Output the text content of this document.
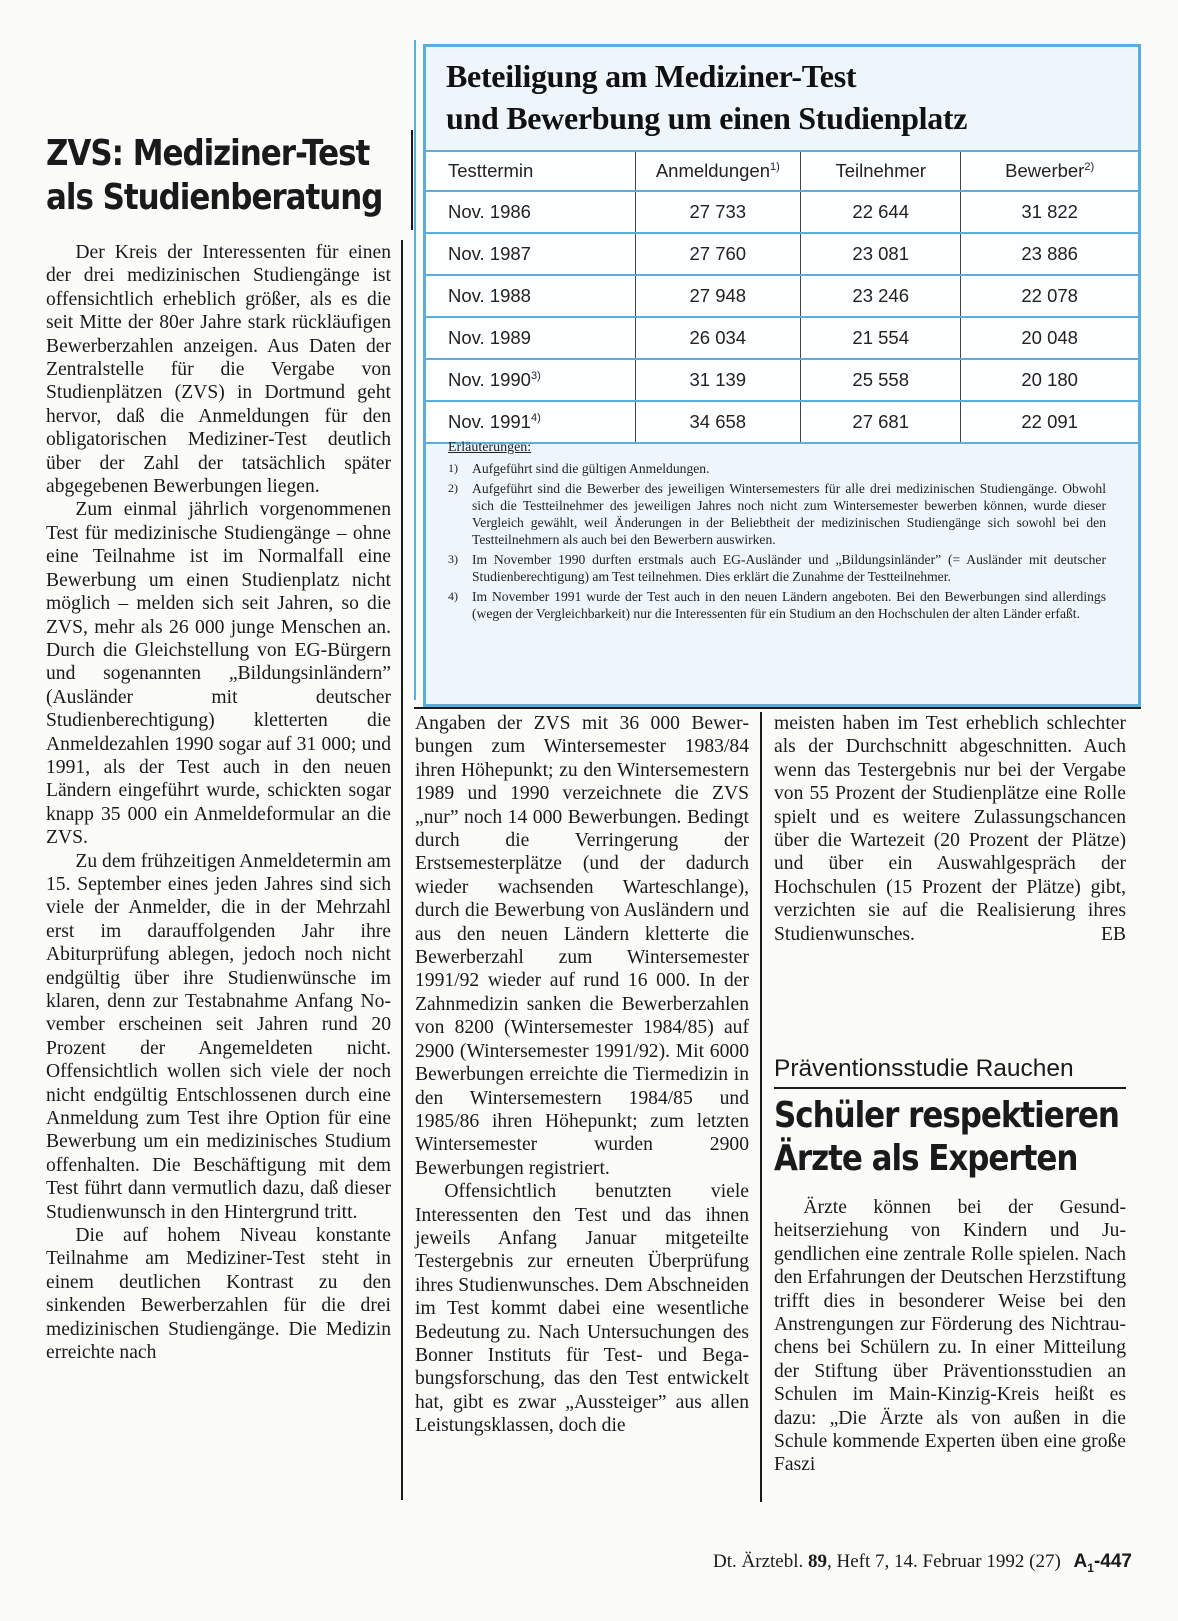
ZVS: Mediziner-Test
als Studienberatung

Der Kreis der Interessenten für einen der drei medizinischen Studiengänge ist offensichtlich erheblich größer, als es die seit Mitte der 80er Jahre stark rückläufigen Bewerberzahlen anzeigen. Aus Daten der Zentralstelle für die Vergabe von Studienplätzen (ZVS) in Dortmund geht hervor, daß die Anmeldungen für den obligatorischen Mediziner-Test deutlich über der Zahl der tatsächlich später abgegebenen Bewerbungen liegen.

Zum einmal jährlich vorgenommenen Test für medizinische Studiengänge – ohne eine Teilnahme ist im Normalfall eine Bewerbung um einen Studienplatz nicht möglich – melden sich seit Jahren, so die ZVS, mehr als 26 000 junge Menschen an. Durch die Gleichstellung von EG-Bürgern und sogenannten „Bildungsinländern” (Ausländer mit deutscher Studienberechtigung) kletterten die Anmeldezahlen 1990 sogar auf 31 000; und 1991, als der Test auch in den neuen Ländern eingeführt wurde, schickten sogar knapp 35 000 ein Anmeldeformular an die ZVS.

Zu dem frühzeitigen Anmeldetermin am 15. September eines jeden Jahres sind sich viele der Anmelder, die in der Mehrzahl erst im darauffolgenden Jahr ihre Abiturprüfung ablegen, jedoch noch nicht endgültig über ihre Studienwünsche im klaren, denn zur Testabnahme Anfang November erscheinen seit Jahren rund 20 Prozent der Angemeldeten nicht. Offensichtlich wollen sich viele der noch nicht endgültig Entschlossenen durch eine Anmeldung zum Test ihre Option für eine Bewerbung um ein medizinisches Studium offenhalten. Die Beschäftigung mit dem Test führt dann vermutlich dazu, daß dieser Studienwunsch in den Hintergrund tritt.

Die auf hohem Niveau konstante Teilnahme am Mediziner-Test steht in einem deutlichen Kontrast zu den sinkenden Bewerberzahlen für die drei medizinischen Studiengänge. Die Medizin erreichte nach

Beteiligung am Mediziner-Test
und Bewerbung um einen Studienplatz
Testtermin	Anmeldungen$^{1)}$	Teilnehmer	Bewerber$^{2)}$
Nov. 1986	27 733	22 644	31 822
Nov. 1987	27 760	23 081	23 886
Nov. 1988	27 948	23 246	22 078
Nov. 1989	26 034	21 554	20 048
Nov. 1990$^{3)}$	31 139	25 558	20 180
Nov. 1991$^{4)}$	34 658	27 681	22 091
Erläuterungen:
1)	Aufgeführt sind die gültigen Anmeldungen.
2)	Aufgeführt sind die Bewerber des jeweiligen Wintersemesters für alle drei medizinischen Studiengänge. Obwohl sich die Testteilnehmer des jeweiligen Jahres noch nicht zum Wintersemester bewerben können, wurde dieser Vergleich gewählt, weil Änderungen in der Beliebtheit der medizinischen Studiengänge sich sowohl bei den Testteilnehmern als auch bei den Bewerbern auswirken.
3)	Im November 1990 durften erstmals auch EG-Ausländer und „Bildungsinländer” (= Ausländer mit deutscher Studienberechtigung) am Test teilnehmen. Dies erklärt die Zunahme der Testteilnehmer.
4)	Im November 1991 wurde der Test auch in den neuen Ländern angeboten. Bei den Bewerbungen sind allerdings (wegen der Vergleichbarkeit) nur die Interessenten für ein Studium an den Hochschulen der alten Länder erfaßt.

Angaben der ZVS mit 36 000 Bewerbungen zum Wintersemester 1983/84 ihren Höhepunkt; zu den Wintersemestern 1989 und 1990 verzeichnete die ZVS „nur” noch 14 000 Bewerbungen. Bedingt durch die Verringerung der Erstsemesterplätze (und der dadurch wieder wachsenden Warteschlange), durch die Bewerbung von Ausländern und aus den neuen Ländern kletterte die Bewerberzahl zum Wintersemester 1991/92 wieder auf rund 16 000. In der Zahnmedizin sanken die Bewerberzahlen von 8200 (Wintersemester 1984/85) auf 2900 (Wintersemester 1991/92). Mit 6000 Bewerbungen erreichte die Tiermedizin in den Wintersemestern 1984/85 und 1985/86 ihren Höhepunkt; zum letzten Wintersemester wurden 2900 Bewerbungen registriert.

Offensichtlich benutzten viele Interessenten den Test und das ihnen jeweils Anfang Januar mitgeteilte Testergebnis zur erneuten Überprüfung ihres Studienwunsches. Dem Abschneiden im Test kommt dabei eine wesentliche Bedeutung zu. Nach Untersuchungen des Bonner Instituts für Test- und Begabungsforschung, das den Test entwickelt hat, gibt es zwar „Aussteiger” aus allen Leistungsklassen, doch die

meisten haben im Test erheblich schlechter als der Durchschnitt abgeschnitten. Auch wenn das Testergebnis nur bei der Vergabe von 55 Prozent der Studienplätze eine Rolle spielt und es weitere Zulassungschancen über die Wartezeit (20 Prozent der Plätze) und über ein Auswahlgespräch der Hochschulen (15 Prozent der Plätze) gibt, verzichten sie auf die Realisierung ihres Studienwunsches.	EB

Präventionsstudie Rauchen
Schüler respektieren
Ärzte als Experten

Ärzte können bei der Gesundheitserziehung von Kindern und Jugendlichen eine zentrale Rolle spielen. Nach den Erfahrungen der Deutschen Herzstiftung trifft dies in besonderer Weise bei den Anstrengungen zur Förderung des Nichtrauchens bei Schülern zu. In einer Mitteilung der Stiftung über Präventionsstudien an Schulen im Main-Kinzig-Kreis heißt es dazu: „Die Ärzte als von außen in die Schule kommende Experten üben eine große Faszi

Dt. Ärztebl. 89, Heft 7, 14. Februar 1992 (27) $A_1-447$
